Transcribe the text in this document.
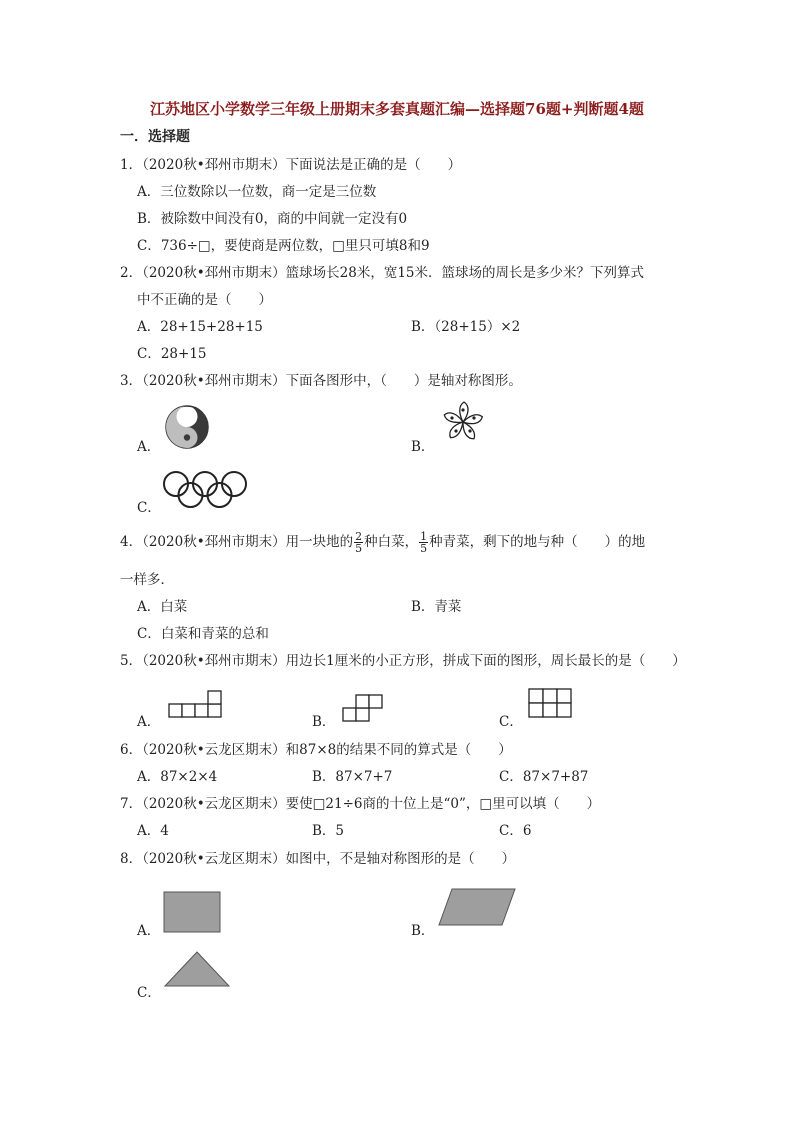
江苏地区小学数学三年级上册期末多套真题汇编—选择题76题+判断题4题
一．选择题
1．（2020秋•邳州市期末）下面说法是正确的是（　　）
A．三位数除以一位数，商一定是三位数
B．被除数中间没有0，商的中间就一定没有0
C．736÷□，要使商是两位数，□里只可填8和9
2．（2020秋•邳州市期末）篮球场长28米，宽15米．篮球场的周长是多少米？下列算式
中不正确的是（　　）
A．28+15+28+15	B．（28+15）×2
C．28+15
3．（2020秋•邳州市期末）下面各图形中，（　　）是轴对称图形。
A．	B．
C．
4．（2020秋•邳州市期末）用一块地的 $\frac{2}{5}$ 种白菜， $\frac{1}{5}$ 种青菜，剩下的地与种（　　）的地
一样多．
A．白菜	B．青菜
C．白菜和青菜的总和
5．（2020秋•邳州市期末）用边长1厘米的小正方形，拼成下面的图形，周长最长的是（　　）
A．	B．	C．
6．（2020秋•云龙区期末）和87×8的结果不同的算式是（　　）
A．87×2×4	B．87×7+7	C．87×7+87
7．（2020秋•云龙区期末）要使□21÷6商的十位上是“0”，□里可以填（　　）
A．4	B．5	C．6
8．（2020秋•云龙区期末）如图中，不是轴对称图形的是（　　）
A．	B．
C．
